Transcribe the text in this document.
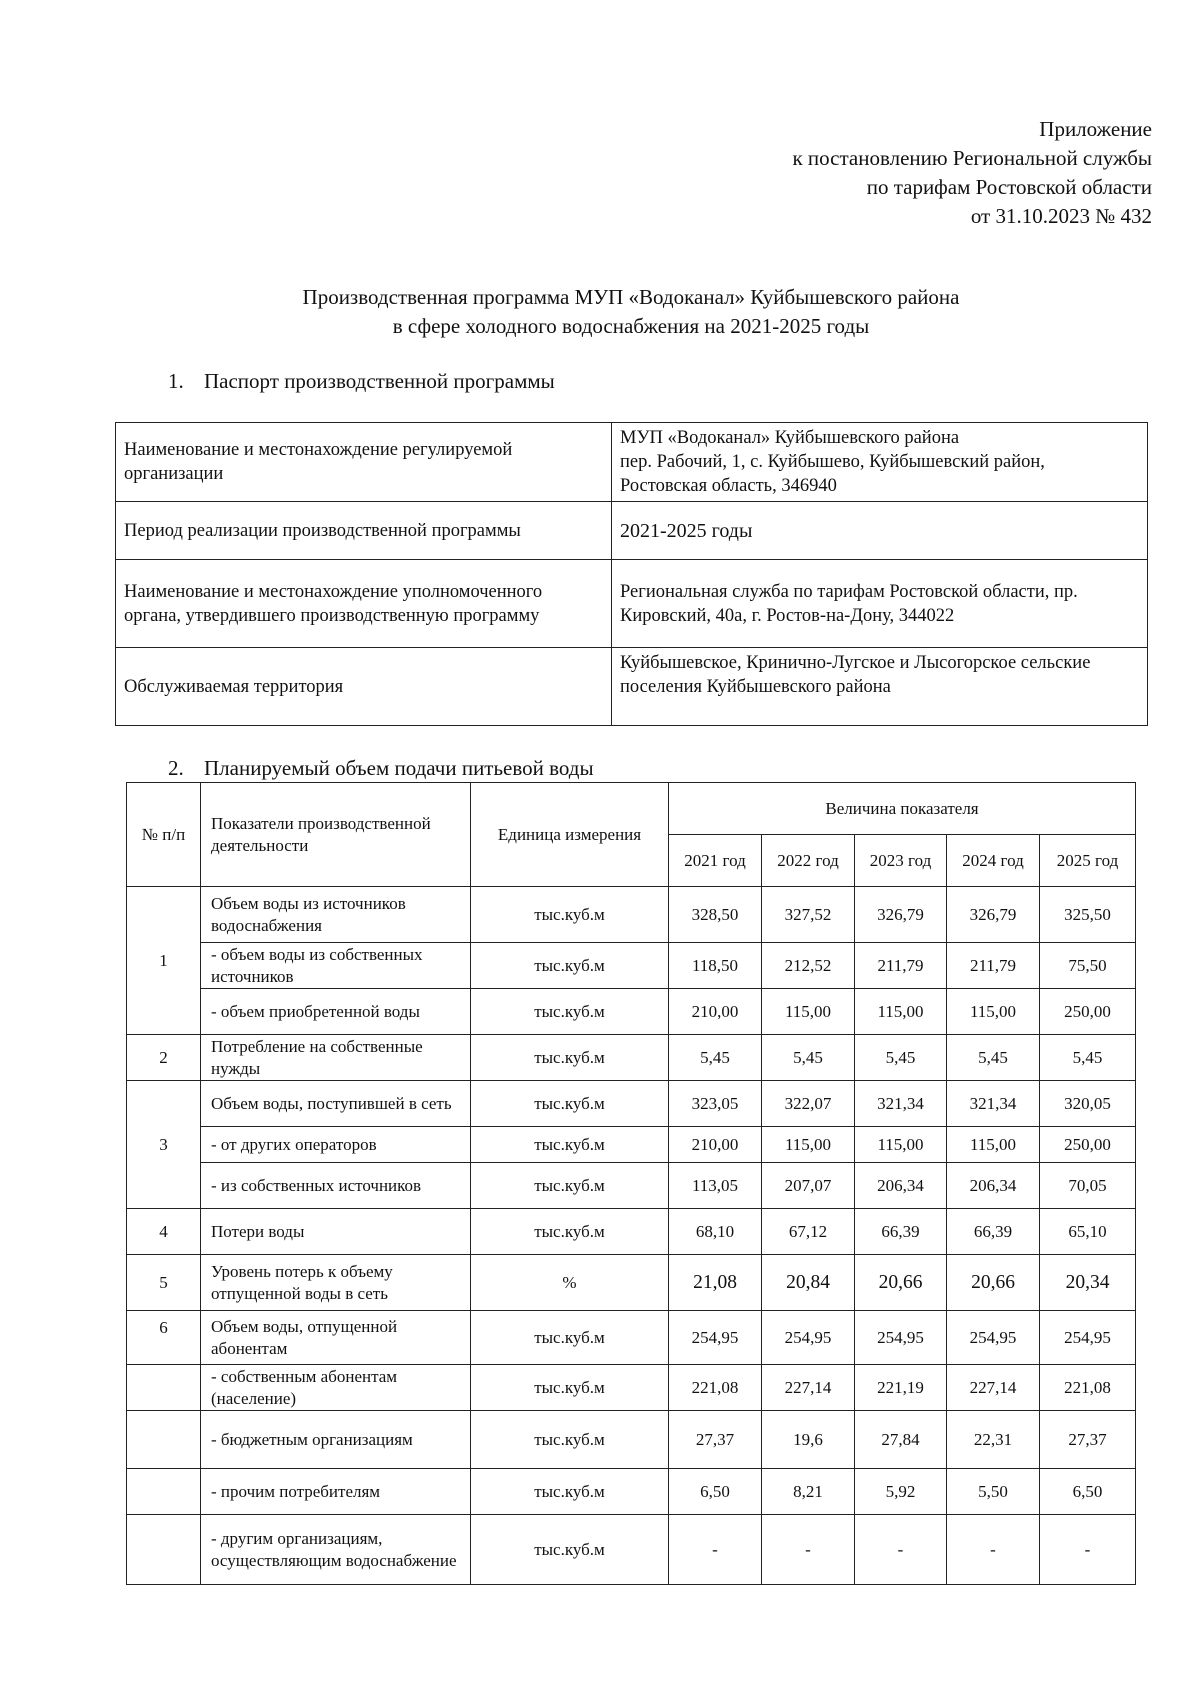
Приложение
к постановлению Региональной службы
по тарифам Ростовской области
от 31.10.2023 № 432
Производственная программа МУП «Водоканал» Куйбышевского района
в сфере холодного водоснабжения на 2021-2025 годы
1. Паспорт производственной программы
Наименование и местонахождение регулируемой организации	МУП «Водоканал» Куйбышевского района
пер. Рабочий, 1, с. Куйбышево, Куйбышевский район,
Ростовская область, 346940

Период реализации производственной программы	2021-2025 годы
Наименование и местонахождение уполномоченного органа, утвердившего производственную программу	Региональная служба по тарифам Ростовской области, пр. Кировский, 40а, г. Ростов-на-Дону, 344022
Обслуживаемая территория	Куйбышевское, Кринично-Лугское и Лысогорское сельские поселения Куйбышевского района
2. Планируемый объем подачи питьевой воды
№ п/п	Показатели производственной деятельности	Единица измерения	Величина показателя				
			2021 год	2022 год	2023 год	2024 год	2025 год
1	Объем воды из источников водоснабжения	тыс.куб.м	328,50	327,52	326,79	326,79	325,50
	- объем воды из собственных источников	тыс.куб.м	118,50	212,52	211,79	211,79	75,50
	- объем приобретенной воды	тыс.куб.м	210,00	115,00	115,00	115,00	250,00
2	Потребление на собственные нужды	тыс.куб.м	5,45	5,45	5,45	5,45	5,45
3	Объем воды, поступившей в сеть	тыс.куб.м	323,05	322,07	321,34	321,34	320,05
	- от других операторов	тыс.куб.м	210,00	115,00	115,00	115,00	250,00
	- из собственных источников	тыс.куб.м	113,05	207,07	206,34	206,34	70,05
4	Потери воды	тыс.куб.м	68,10	67,12	66,39	66,39	65,10
5	Уровень потерь к объему отпущенной воды в сеть	%	21,08	20,84	20,66	20,66	20,34
6	Объем воды, отпущенной абонентам	тыс.куб.м	254,95	254,95	254,95	254,95	254,95
	- собственным абонентам (население)	тыс.куб.м	221,08	227,14	221,19	227,14	221,08
	- бюджетным организациям	тыс.куб.м	27,37	19,6	27,84	22,31	27,37
	- прочим потребителям	тыс.куб.м	6,50	8,21	5,92	5,50	6,50
	- другим организациям, осуществляющим водоснабжение	тыс.куб.м	-	-	-	-	-
